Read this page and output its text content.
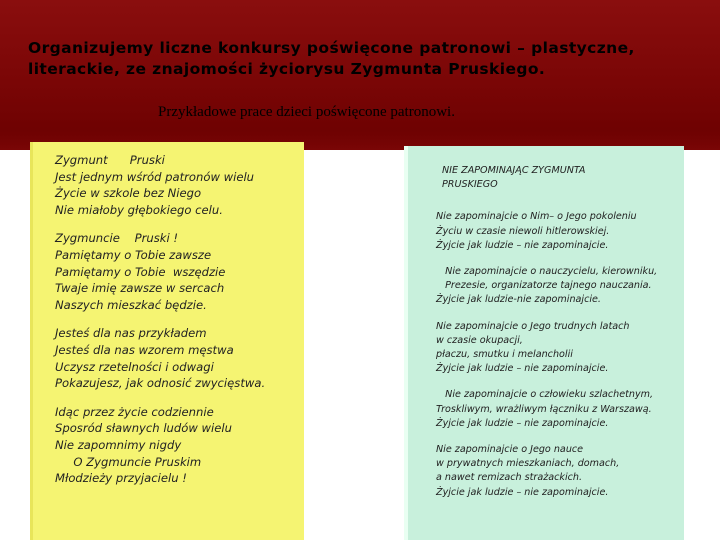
Organizujemy liczne konkursy poświęcone patronowi – plastyczne,
literackie, ze znajomości życiorysu Zygmunta Pruskiego.
Przykładowe prace dzieci poświęcone patronowi.
Zygmunt      Pruski
Jest jednym wśród patronów wielu
Życie w szkole bez Niego
Nie miałoby głębokiego celu.
Zygmuncie    Pruski !
Pamiętamy o Tobie zawsze
Pamiętamy o Tobie  wszędzie
Twaje imię zawsze w sercach
Naszych mieszkać będzie.
Jesteś dla nas przykładem
Jesteś dla nas wzorem męstwa
Uczysz rzetelności i odwagi
Pokazujesz, jak odnosić zwycięstwa.
Idąc przez życie codziennie
Sposród sławnych ludów wielu
Nie zapomnimy nigdy
O Zygmuncie Pruskim
Młodzieży przyjacielu !
NIE ZAPOMINAJĄC ZYGMUNTA
PRUSKIEGO
Nie zapominajcie o Nim– o Jego pokoleniu
Życiu w czasie niewoli hitlerowskiej.
Żyjcie jak ludzie – nie zapominajcie.
Nie zapominajcie o nauczycielu, kierowniku,
Prezesie, organizatorze tajnego nauczania.
Żyjcie jak ludzie-nie zapominajcie.
Nie zapominajcie o Jego trudnych latach
w czasie okupacji,
płaczu, smutku i melancholii
Żyjcie jak ludzie – nie zapominajcie.
Nie zapominajcie o człowieku szlachetnym,
Troskliwym, wrażliwym łączniku z Warszawą.
Żyjcie jak ludzie – nie zapominajcie.
Nie zapominajcie o Jego nauce
w prywatnych mieszkaniach, domach,
a nawet remizach strażackich.
Żyjcie jak ludzie – nie zapominajcie.
